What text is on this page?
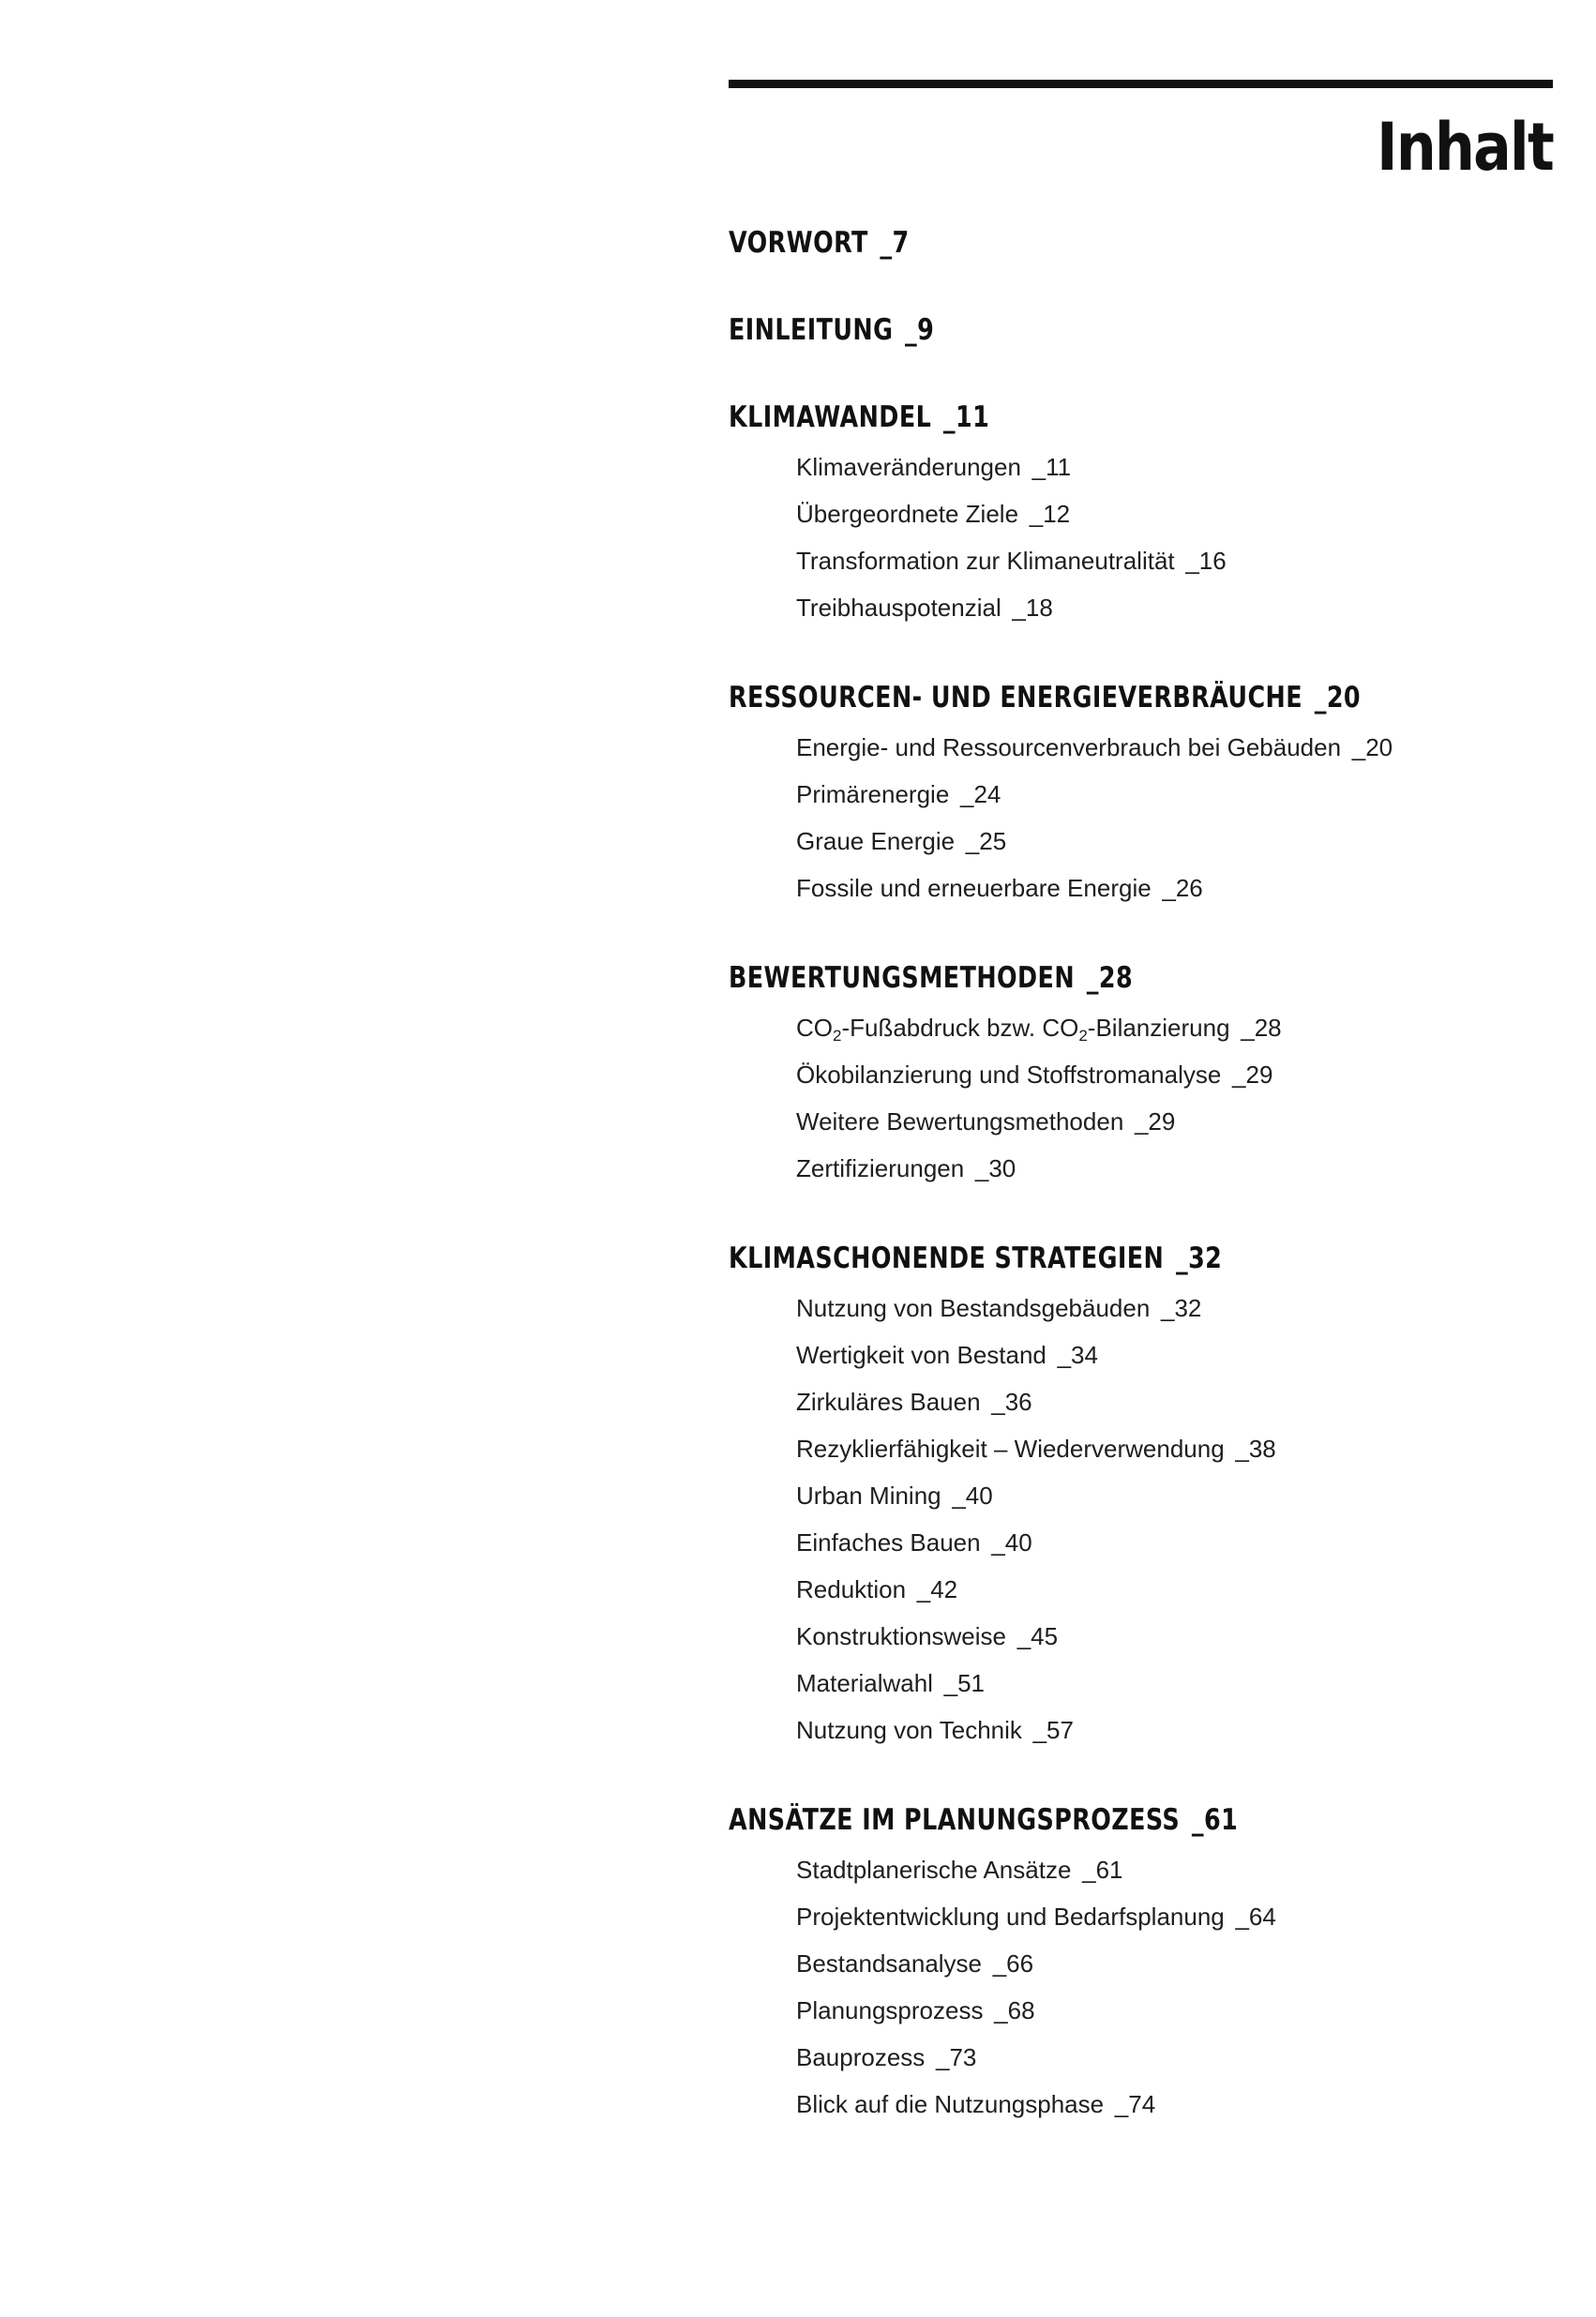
Inhalt
VORWORT _7
EINLEITUNG _9
KLIMAWANDEL _11
Klimaveränderungen _11
Übergeordnete Ziele _12
Transformation zur Klimaneutralität _16
Treibhauspotenzial _18
RESSOURCEN- UND ENERGIEVERBRÄUCHE _20
Energie- und Ressourcenverbrauch bei Gebäuden _20
Primärenergie _24
Graue Energie _25
Fossile und erneuerbare Energie _26
BEWERTUNGSMETHODEN _28
$CO_2$-Fußabdruck bzw. $CO_2$-Bilanzierung _28
Ökobilanzierung und Stoffstromanalyse _29
Weitere Bewertungsmethoden _29
Zertifizierungen _30
KLIMASCHONENDE STRATEGIEN _32
Nutzung von Bestandsgebäuden _32
Wertigkeit von Bestand _34
Zirkuläres Bauen _36
Rezyklierfähigkeit – Wiederverwendung _38
Urban Mining _40
Einfaches Bauen _40
Reduktion _42
Konstruktionsweise _45
Materialwahl _51
Nutzung von Technik _57
ANSÄTZE IM PLANUNGSPROZESS _61
Stadtplanerische Ansätze _61
Projektentwicklung und Bedarfsplanung _64
Bestandsanalyse _66
Planungsprozess _68
Bauprozess _73
Blick auf die Nutzungsphase _74
